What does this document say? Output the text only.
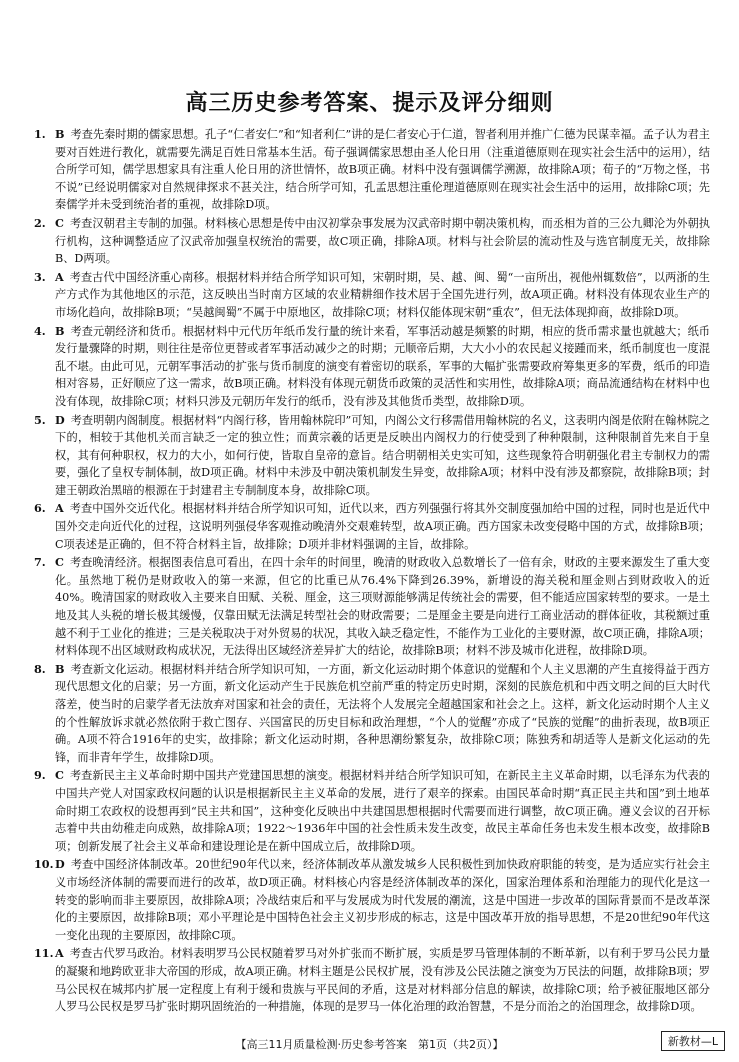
高三历史参考答案、提示及评分细则
1. B 考查先秦时期的儒家思想。孔子“仁者安仁”和“知者利仁”讲的是仁者安心于仁道，智者利用并推广仁德为民谋幸福。孟子认为君主要对百姓进行教化，就需要先满足百姓日常基本生活。荀子强调儒家思想由圣人伦日用（注重道德原则在现实社会生活中的运用），结合所学可知，儒学思想家具有注重人伦日用的济世情怀，故B项正确。材料中没有强调儒学溯源，故排除A项；荀子的“万物之怪，书不说”已经说明儒家对自然规律探求不甚关注，结合所学可知，孔孟思想注重伦理道德原则在现实社会生活中的运用，故排除C项；先秦儒学并未受到统治者的重视，故排除D项。
2. C 考查汉朝君主专制的加强。材料核心思想是传中由汉初掌杂事发展为汉武帝时期中朝决策机构，而丞相为首的三公九卿沦为外朝执行机构，这种调整适应了汉武帝加强皇权统治的需要，故C项正确，排除A项。材料与社会阶层的流动性及与选官制度无关，故排除B、D两项。
3. A 考查古代中国经济重心南移。根据材料并结合所学知识可知，宋朝时期，吴、越、闽、蜀“一亩所出，视他州辄数倍”，以两浙的生产方式作为其他地区的示范，这反映出当时南方区域的农业精耕细作技术居于全国先进行列，故A项正确。材料没有体现农业生产的市场化趋向，故排除B项；“吴越闽蜀”不属于中原地区，故排除C项；材料仅能体现宋朝“重农”，但无法体现抑商，故排除D项。
4. B 考查元朝经济和货币。根据材料中元代历年纸币发行量的统计来看，军事活动越是频繁的时期，相应的货币需求量也就越大；纸币发行量骤降的时期，则往往是帝位更替或者军事活动减少之的时期；元顺帝后期，大大小小的农民起义接踵而来，纸币制度也一度混乱不堪。由此可见，元朝军事活动的扩张与货币制度的演变有着密切的联系，军事的大幅扩张需要政府筹集更多的军费，纸币的印造相对容易，正好顺应了这一需求，故B项正确。材料没有体现元朝货币政策的灵活性和实用性，故排除A项；商品流通结构在材料中也没有体现，故排除C项；材料只涉及元朝历年发行的纸币，没有涉及其他货币类型，故排除D项。
5. D 考查明朝内阁制度。根据材料“内阁行移，皆用翰林院印”可知，内阁公文行移需借用翰林院的名义，这表明内阁是依附在翰林院之下的，相较于其他机关而言缺乏一定的独立性；而黄宗羲的话更是反映出内阁权力的行使受到了种种限制，这种限制首先来自于皇权，其有何种职权，权力的大小，如何行使，皆取自皇帝的意旨。结合明朝相关史实可知，这些现象符合明朝强化君主专制权力的需要，强化了皇权专制体制，故D项正确。材料中未涉及中朝决策机制发生异变，故排除A项；材料中没有涉及都察院，故排除B项；封建王朝政治黑暗的根源在于封建君主专制制度本身，故排除C项。
6. A 考查中国外交近代化。根据材料并结合所学知识可知，近代以来，西方列强强行将其外交制度强加给中国的过程，同时也是近代中国外交走向近代化的过程，这说明列强侵华客观推动晚清外交艰难转型，故A项正确。西方国家未改变侵略中国的方式，故排除B项；C项表述是正确的，但不符合材料主旨，故排除；D项并非材料强调的主旨，故排除。
7. C 考查晚清经济。根据图表信息可看出，在四十余年的时间里，晚清的财政收入总数增长了一倍有余，财政的主要来源发生了重大变化。虽然地丁税仍是财政收入的第一来源，但它的比重已从76.4%下降到26.39%，新增设的海关税和厘金则占到财政收入的近40%。晚清国家的财政收入主要来自田赋、关税、厘金，这三项财源能够满足传统社会的需要，但不能适应国家转型的要求。一是土地及其人头税的增长极其缓慢，仅靠田赋无法满足转型社会的财政需要；二是厘金主要是向进行工商业活动的群体征收，其税额过重越不利于工业化的推进；三是关税取决于对外贸易的状况，其收入缺乏稳定性，不能作为工业化的主要财源，故C项正确，排除A项；材料体现不出区域财政构成状况，无法得出区域经济差异扩大的结论，故排除B项；材料不涉及城市化进程，故排除D项。
8. B 考查新文化运动。根据材料并结合所学知识可知，一方面，新文化运动时期个体意识的觉醒和个人主义思潮的产生直接得益于西方现代思想文化的启蒙；另一方面，新文化运动产生于民族危机空前严重的特定历史时期，深刻的民族危机和中西文明之间的巨大时代落差，使当时的启蒙学者无法放弃对国家和社会的责任，无法将个人发展完全超越国家和社会之上。这样，新文化运动时期个人主义的个性解放诉求就必然依附于救亡图存、兴国富民的历史目标和政治理想，“个人的觉醒”亦成了“民族的觉醒”的曲折表现，故B项正确。A项不符合1916年的史实，故排除；新文化运动时期，各种思潮纷繁复杂，故排除C项；陈独秀和胡适等人是新文化运动的先锋，而非青年学生，故排除D项。
9. C 考查新民主主义革命时期中国共产党建国思想的演变。根据材料并结合所学知识可知，在新民主主义革命时期，以毛泽东为代表的中国共产党人对国家政权问题的认识是根据新民主主义革命的发展，进行了艰辛的探索。由国民革命时期“真正民主共和国”到土地革命时期工农政权的设想再到“民主共和国”，这种变化反映出中共建国思想根据时代需要而进行调整，故C项正确。遵义会议的召开标志着中共由幼稚走向成熟，故排除A项；1922～1936年中国的社会性质未发生改变，故民主革命任务也未发生根本改变，故排除B项；创新发展了社会主义革命和建设理论是在新中国成立后，故排除D项。
10. D 考查中国经济体制改革。20世纪90年代以来，经济体制改革从激发城乡人民积极性到加快政府职能的转变，是为适应实行社会主义市场经济体制的需要而进行的改革，故D项正确。材料核心内容是经济体制改革的深化，国家治理体系和治理能力的现代化是这一转变的影响而非主要原因，故排除A项；冷战结束后和平与发展成为时代发展的潮流，这是中国进一步改革的国际背景而不是改革深化的主要原因，故排除B项；邓小平理论是中国特色社会主义初步形成的标志，这是中国改革开放的指导思想，不是20世纪90年代这一变化出现的主要原因，故排除C项。
11. A 考查古代罗马政治。材料表明罗马公民权随着罗马对外扩张而不断扩展，实质是罗马管理体制的不断革新，以有利于罗马公民力量的凝聚和地跨欧亚非大帝国的形成，故A项正确。材料主题是公民权扩展，没有涉及公民法随之演变为万民法的问题，故排除B项；罗马公民权在城邦内扩展一定程度上有利于缓和贵族与平民间的矛盾，这是对材料部分信息的解读，故排除C项；给予被征服地区部分人罗马公民权是罗马扩张时期巩固统治的一种措施，体现的是罗马一体化治理的政治智慧，不是分而治之的治国理念，故排除D项。
【高三11月质量检测·历史参考答案　第1页（共2页）】	新教材—L
